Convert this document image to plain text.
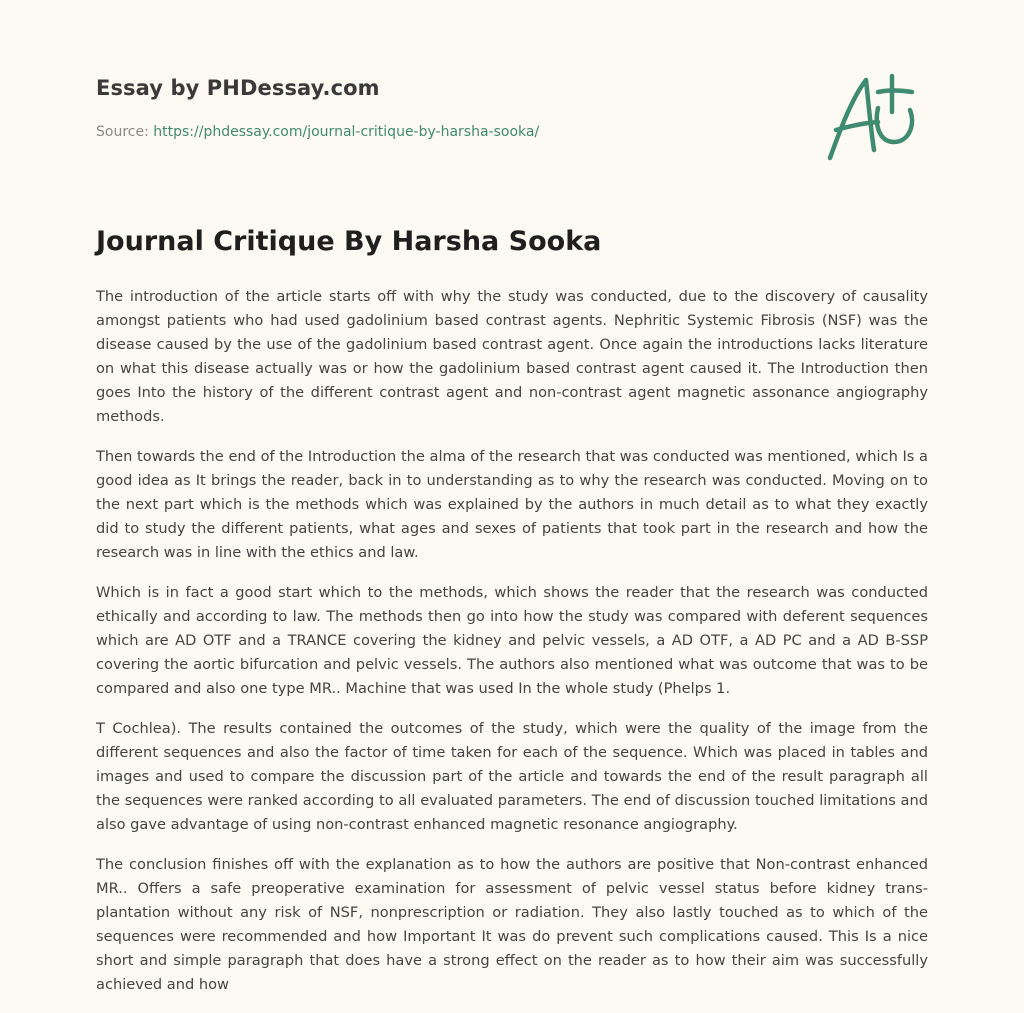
Essay by PHDessay.com
Source: https://phdessay.com/journal-critique-by-harsha-sooka/
Journal Critique By Harsha Sooka

The introduction of the article starts off with why the study was conducted, due to the discovery of causality amongst patients who had used gadolinium based contrast agents. Nephritic Systemic Fibrosis (NSF) was the disease caused by the use of the gadolinium based contrast agent. Once again the introductions lacks literature on what this disease actually was or how the gadolinium based contrast agent caused it. The Introduction then goes Into the history of the different contrast agent and non-contrast agent magnetic assonance angiography methods.

Then towards the end of the Introduction the alma of the research that was conducted was mentioned, which Is a good idea as It brings the reader, back in to understanding as to why the research was conducted. Moving on to the next part which is the methods which was explained by the authors in much detail as to what they exactly did to study the different patients, what ages and sexes of patients that took part in the research and how the research was in line with the ethics and law.

Which is in fact a good start which to the methods, which shows the reader that the research was conducted ethically and according to law. The methods then go into how the study was compared with deferent sequences which are AD OTF and a TRANCE covering the kidney and pelvic vessels, a AD OTF, a AD PC and a AD B-SSP covering the aortic bifurcation and pelvic vessels. The authors also mentioned what was outcome that was to be compared and also one type MR.. Machine that was used In the whole study (Phelps 1.

T Cochlea). The results contained the outcomes of the study, which were the quality of the image from the different sequences and also the factor of time taken for each of the sequence. Which was placed in tables and images and used to compare the discussion part of the article and towards the end of the result paragraph all the sequences were ranked according to all evaluated parameters. The end of discussion touched limitations and also gave advantage of using non-contrast enhanced magnetic resonance angiography.

The conclusion finishes off with the explanation as to how the authors are positive that Non-contrast enhanced MR.. Offers a safe preoperative examination for assessment of pelvic vessel status before kidney trans- plantation without any risk of NSF, nonprescription or radiation. They also lastly touched as to which of the sequences were recommended and how Important It was do prevent such complications caused. This Is a nice short and simple paragraph that does have a strong effect on the reader as to how their aim was successfully achieved and how
